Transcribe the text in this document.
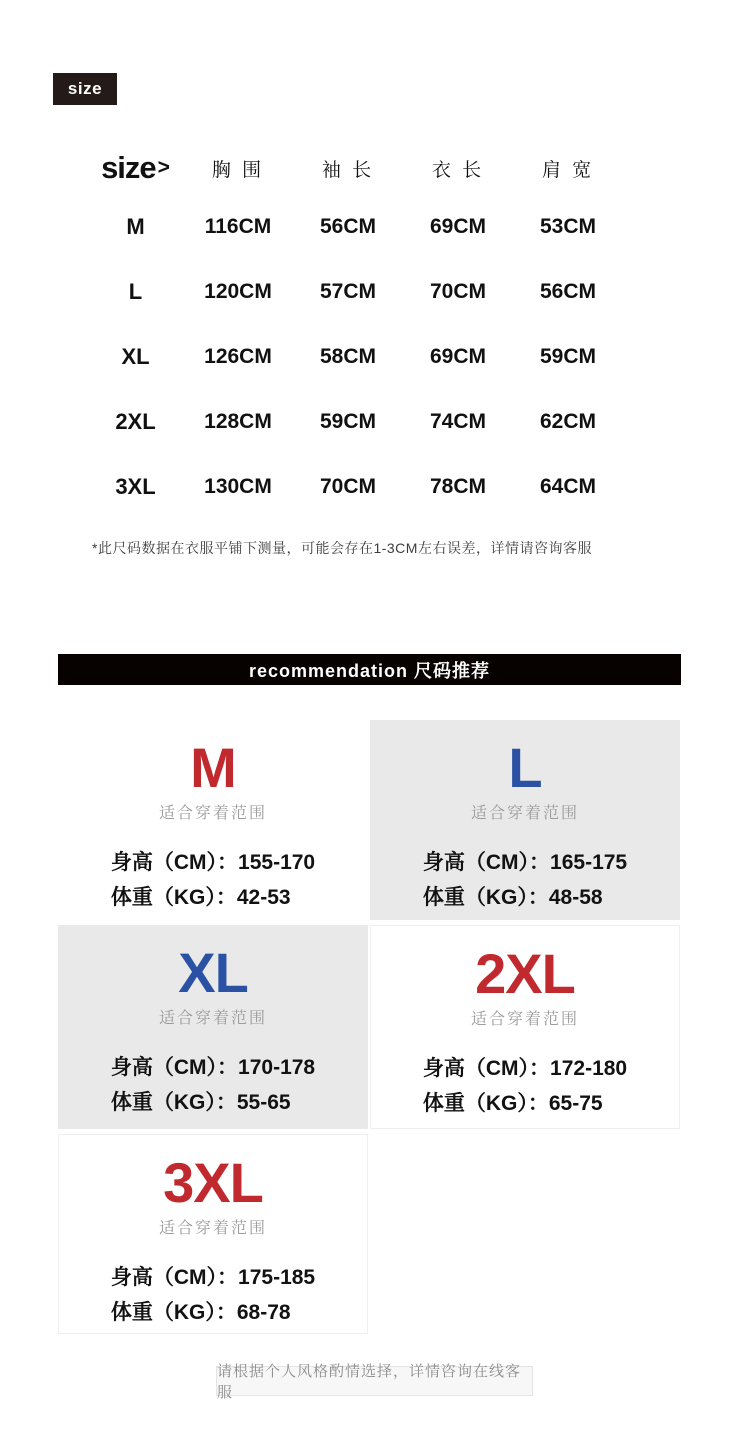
size
size >	胸 围	袖 长	衣 长	肩 宽
M	116CM	56CM	69CM	53CM
L	120CM	57CM	70CM	56CM
XL	126CM	58CM	69CM	59CM
2XL	128CM	59CM	74CM	62CM
3XL	130CM	70CM	78CM	64CM
*此尺码数据在衣服平铺下测量，可能会存在1-3CM左右误差，详情请咨询客服
recommendation 尺码推荐
M
适合穿着范围
身高（CM）：155-170
体重（KG）：42-53
L
适合穿着范围
身高（CM）：165-175
体重（KG）：48-58
XL
适合穿着范围
身高（CM）：170-178
体重（KG）：55-65
2XL
适合穿着范围
身高（CM）：172-180
体重（KG）：65-75
3XL
适合穿着范围
身高（CM）：175-185
体重（KG）：68-78
请根据个人风格酌情选择，详情咨询在线客服
